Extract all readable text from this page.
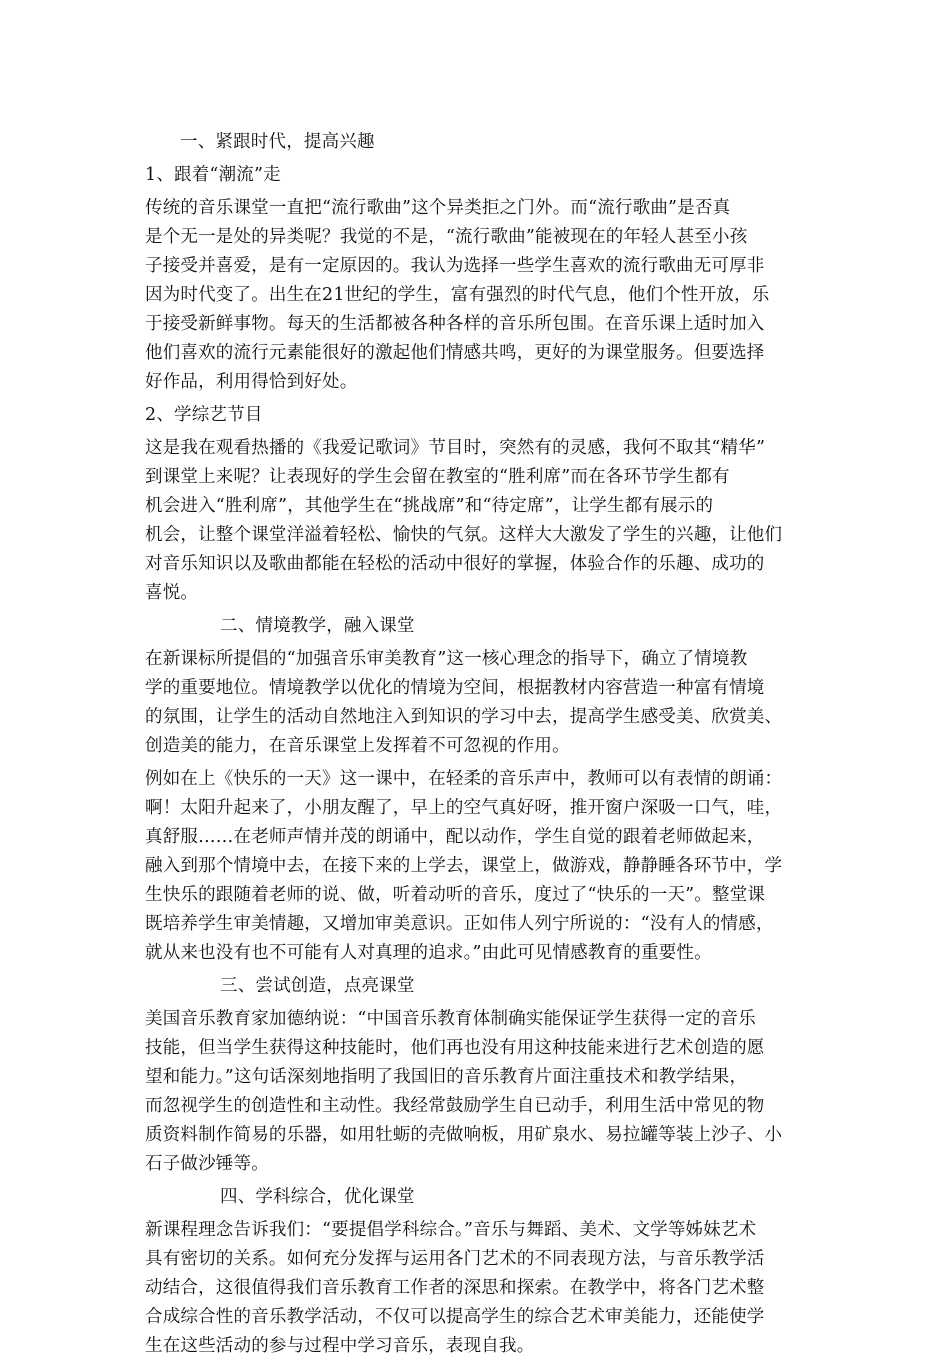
一、紧跟时代，提高兴趣
1、跟着“潮流”走
传统的音乐课堂一直把“流行歌曲”这个异类拒之门外。而“流行歌曲”是否真
是个无一是处的异类呢？我觉的不是，“流行歌曲”能被现在的年轻人甚至小孩
子接受并喜爱，是有一定原因的。我认为选择一些学生喜欢的流行歌曲无可厚非
因为时代变了。出生在21世纪的学生，富有强烈的时代气息，他们个性开放，乐
于接受新鲜事物。每天的生活都被各种各样的音乐所包围。在音乐课上适时加入
他们喜欢的流行元素能很好的激起他们情感共鸣，更好的为课堂服务。但要选择
好作品，利用得恰到好处。
2、学综艺节目
这是我在观看热播的《我爱记歌词》节目时，突然有的灵感，我何不取其“精华”
到课堂上来呢？让表现好的学生会留在教室的“胜利席”而在各环节学生都有
机会进入“胜利席”，其他学生在“挑战席”和“待定席”，让学生都有展示的
机会，让整个课堂洋溢着轻松、愉快的气氛。这样大大激发了学生的兴趣，让他们
对音乐知识以及歌曲都能在轻松的活动中很好的掌握，体验合作的乐趣、成功的
喜悦。
二、情境教学，融入课堂
在新课标所提倡的“加强音乐审美教育”这一核心理念的指导下，确立了情境教
学的重要地位。情境教学以优化的情境为空间，根据教材内容营造一种富有情境
的氛围，让学生的活动自然地注入到知识的学习中去，提高学生感受美、欣赏美、
创造美的能力，在音乐课堂上发挥着不可忽视的作用。
例如在上《快乐的一天》这一课中，在轻柔的音乐声中，教师可以有表情的朗诵：
啊！太阳升起来了，小朋友醒了，早上的空气真好呀，推开窗户深吸一口气，哇，
真舒服……在老师声情并茂的朗诵中，配以动作，学生自觉的跟着老师做起来，
融入到那个情境中去，在接下来的上学去，课堂上，做游戏，静静睡各环节中，学
生快乐的跟随着老师的说、做，听着动听的音乐，度过了“快乐的一天”。整堂课
既培养学生审美情趣，又增加审美意识。正如伟人列宁所说的：“没有人的情感，
就从来也没有也不可能有人对真理的追求。”由此可见情感教育的重要性。
三、尝试创造，点亮课堂
美国音乐教育家加德纳说：“中国音乐教育体制确实能保证学生获得一定的音乐
技能，但当学生获得这种技能时，他们再也没有用这种技能来进行艺术创造的愿
望和能力。”这句话深刻地指明了我国旧的音乐教育片面注重技术和教学结果，
而忽视学生的创造性和主动性。我经常鼓励学生自已动手，利用生活中常见的物
质资料制作简易的乐器，如用牡蛎的壳做响板，用矿泉水、易拉罐等装上沙子、小
石子做沙锤等。
四、学科综合，优化课堂
新课程理念告诉我们：“要提倡学科综合。”音乐与舞蹈、美术、文学等姊妹艺术
具有密切的关系。如何充分发挥与运用各门艺术的不同表现方法，与音乐教学活
动结合，这很值得我们音乐教育工作者的深思和探索。在教学中，将各门艺术整
合成综合性的音乐教学活动，不仅可以提高学生的综合艺术审美能力，还能使学
生在这些活动的参与过程中学习音乐，表现自我。
